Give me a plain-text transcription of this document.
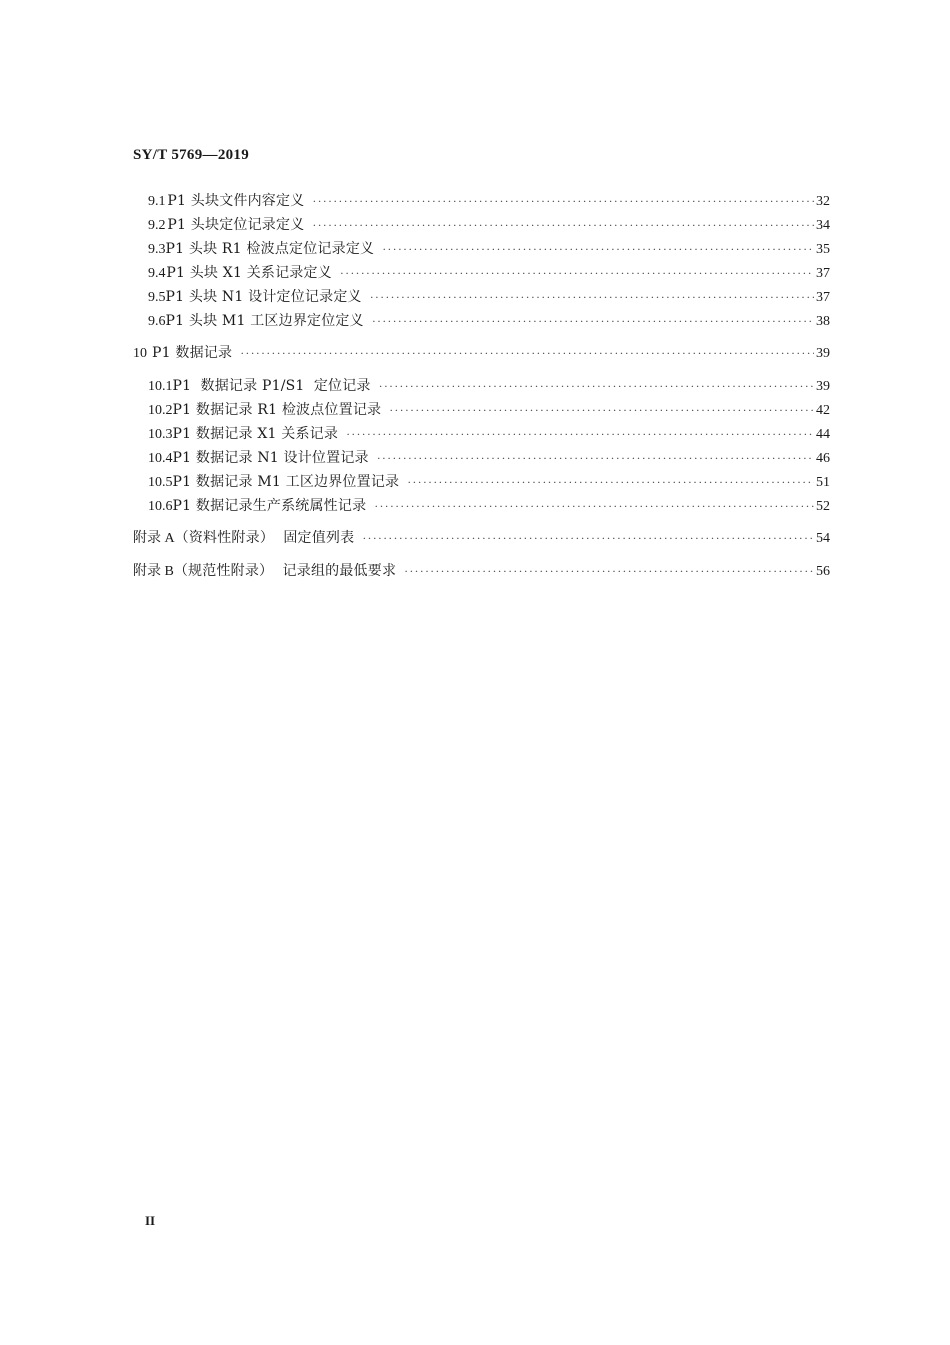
SY/T 5769—2019
9.1 P1 头块文件内容定义 ·····	32
9.2 P1 头块定位记录定义 ·····	34
9.3 P1 头块 R1 检波点定位记录定义 ·····	35
9.4 P1 头块 X1 关系记录定义 ·····	37
9.5 P1 头块 N1 设计定位记录定义 ·····	37
9.6 P1 头块 M1 工区边界定位定义 ·····	38
10 P1 数据记录 ·····	39
10.1 P1  数据记录 P1/S1  定位记录 ·····	39
10.2 P1 数据记录 R1 检波点位置记录 ·····	42
10.3 P1 数据记录 X1 关系记录 ·····	44
10.4 P1 数据记录 N1 设计位置记录 ·····	46
10.5 P1 数据记录 M1 工区边界位置记录 ·····	51
10.6 P1 数据记录生产系统属性记录 ·····	52
附录 A （资料性附录）  固定值列表 ·····	54
附录 B （规范性附录）  记录组的最低要求 ·····	56
II
